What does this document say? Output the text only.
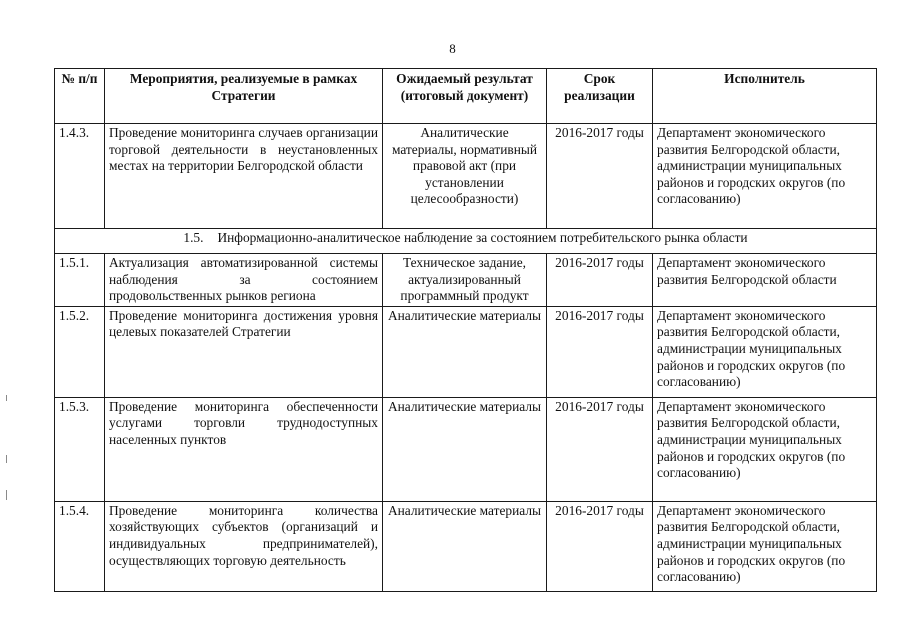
8
№ п/п	Мероприятия, реализуемые в рамках Стратегии	Ожидаемый результат (итоговый документ)	Срок реализации	Исполнитель
1.4.3.	Проведение мониторинга случаев организации торговой деятельности в неустановленных местах на территории Белгородской области	Аналитические материалы, нормативный правовой акт (при установлении целесообразности)	2016-2017 годы	Департамент экономического развития Белгородской области, администрации муниципальных районов и городских округов (по согласованию)
1.5. Информационно-аналитическое наблюдение за состоянием потребительского рынка области				
1.5.1.	Актуализация автоматизированной системы наблюдения за состоянием продовольственных рынков региона	Техническое задание, актуализированный программный продукт	2016-2017 годы	Департамент экономического развития Белгородской области
1.5.2.	Проведение мониторинга достижения уровня целевых показателей Стратегии	Аналитические материалы	2016-2017 годы	Департамент экономического развития Белгородской области, администрации муниципальных районов и городских округов (по согласованию)
1.5.3.	Проведение мониторинга обеспеченности услугами торговли труднодоступных населенных пунктов	Аналитические материалы	2016-2017 годы	Департамент экономического развития Белгородской области, администрации муниципальных районов и городских округов (по согласованию)
1.5.4.	Проведение мониторинга количества хозяйствующих субъектов (организаций и индивидуальных предпринимателей), осуществляющих торговую деятельность	Аналитические материалы	2016-2017 годы	Департамент экономического развития Белгородской области, администрации муниципальных районов и городских округов (по согласованию)
